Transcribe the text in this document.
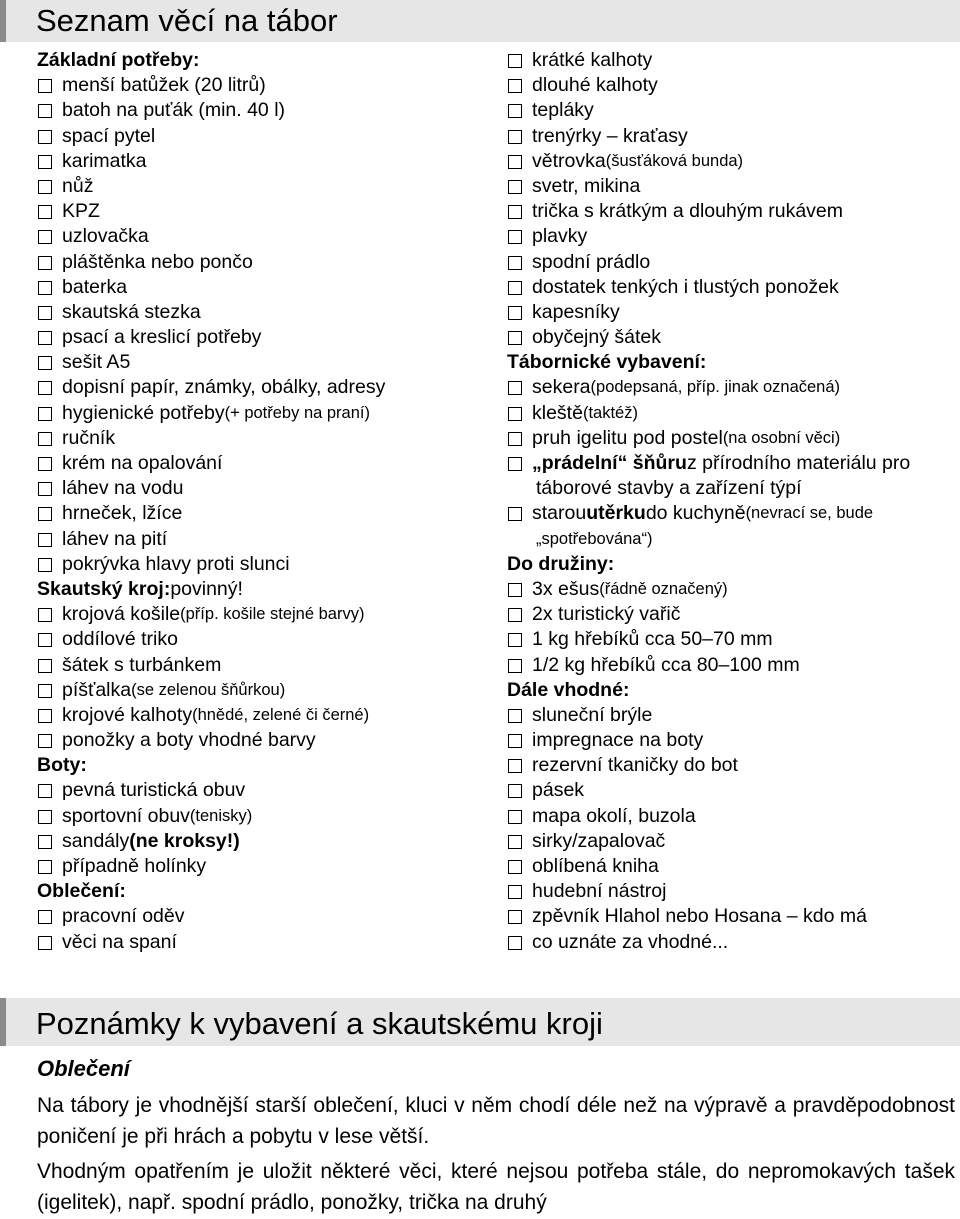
Seznam věcí na tábor
Základní potřeby:
menší batůžek (20 litrů)
batoh na puťák (min. 40 l)
spací pytel
karimatka
nůž
KPZ
uzlovačka
pláštěnka nebo pončo
baterka
skautská stezka
psací a kreslicí potřeby
sešit A5
dopisní papír, známky, obálky, adresy
hygienické potřeby (+ potřeby na praní)
ručník
krém na opalování
láhev na vodu
hrneček, lžíce
láhev na pití
pokrývka hlavy proti slunci
Skautský kroj: povinný!
krojová košile (příp. košile stejné barvy)
oddílové triko
šátek s turbánkem
píšťalka (se zelenou šňůrkou)
krojové kalhoty (hnědé, zelené či černé)
ponožky a boty vhodné barvy
Boty:
pevná turistická obuv
sportovní obuv (tenisky)
sandály (ne kroksy!)
případně holínky
Oblečení:
pracovní oděv
věci na spaní
krátké kalhoty
dlouhé kalhoty
tepláky
trenýrky – kraťasy
větrovka (šusťáková bunda)
svetr, mikina
trička s krátkým a dlouhým rukávem
plavky
spodní prádlo
dostatek tenkých i tlustých ponožek
kapesníky
obyčejný šátek
Tábornické vybavení:
sekera (podepsaná, příp. jinak označená)
kleště (taktéž)
pruh igelitu pod postel (na osobní věci)
„prádelní“ šňůru z přírodního materiálu pro
táborové stavby a zařízení týpí
starou utěrku do kuchyně (nevrací se, bude
„spotřebována“)
Do družiny:
3x ešus (řádně označený)
2x turistický vařič
1 kg hřebíků cca 50–70 mm
1/2 kg hřebíků cca 80–100 mm
Dále vhodné:
sluneční brýle
impregnace na boty
rezervní tkaničky do bot
pásek
mapa okolí, buzola
sirky/zapalovač
oblíbená kniha
hudební nástroj
zpěvník Hlahol nebo Hosana – kdo má
co uznáte za vhodné...
Poznámky k vybavení a skautskému kroji
Oblečení
Na tábory je vhodnější starší oblečení, kluci v něm chodí déle než na výpravě a pravděpodobnost poničení je při hrách a pobytu v lese větší.
Vhodným opatřením je uložit některé věci, které nejsou potřeba stále, do nepromokavých tašek (igelitek), např. spodní prádlo, ponožky, trička na druhý
